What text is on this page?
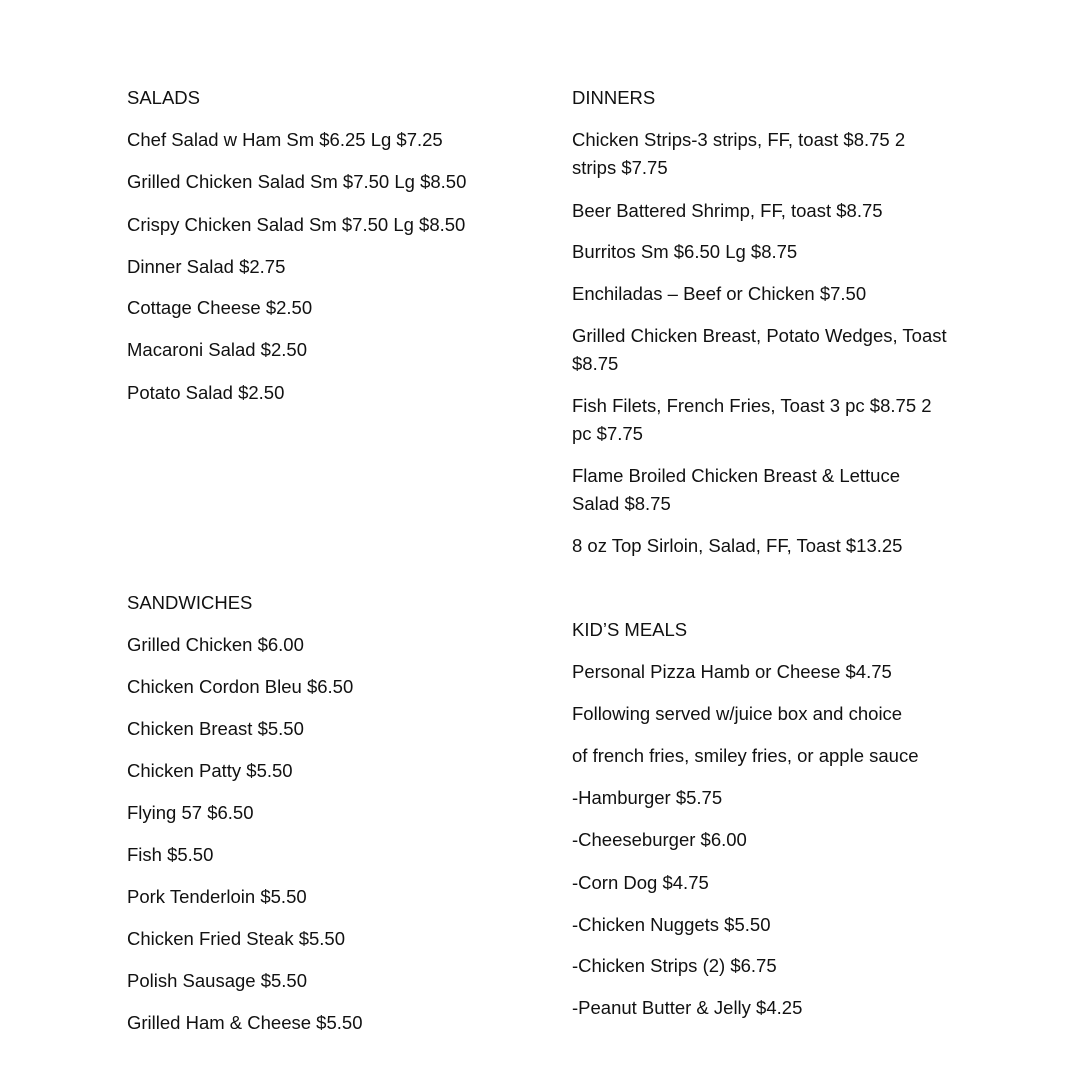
SALADS
Chef Salad w Ham Sm $6.25 Lg $7.25
Grilled Chicken Salad Sm $7.50 Lg $8.50
Crispy Chicken Salad Sm $7.50 Lg $8.50
Dinner Salad $2.75
Cottage Cheese $2.50
Macaroni Salad $2.50
Potato Salad $2.50
SANDWICHES
Grilled Chicken $6.00
Chicken Cordon Bleu $6.50
Chicken Breast $5.50
Chicken Patty $5.50
Flying 57 $6.50
Fish $5.50
Pork Tenderloin $5.50
Chicken Fried Steak $5.50
Polish Sausage $5.50
Grilled Ham & Cheese $5.50
DINNERS
Chicken Strips-3 strips, FF, toast $8.75 2 strips $7.75
Beer Battered Shrimp, FF, toast $8.75
Burritos Sm $6.50 Lg $8.75
Enchiladas – Beef or Chicken $7.50
Grilled Chicken Breast, Potato Wedges, Toast $8.75
Fish Filets, French Fries, Toast 3 pc $8.75 2 pc $7.75
Flame Broiled Chicken Breast & Lettuce Salad $8.75
8 oz Top Sirloin, Salad, FF, Toast $13.25
KID’S MEALS
Personal Pizza Hamb or Cheese $4.75
Following served w/juice box and choice
of french fries, smiley fries, or apple sauce
-Hamburger $5.75
-Cheeseburger $6.00
-Corn Dog $4.75
-Chicken Nuggets $5.50
-Chicken Strips (2) $6.75
-Peanut Butter & Jelly $4.25
